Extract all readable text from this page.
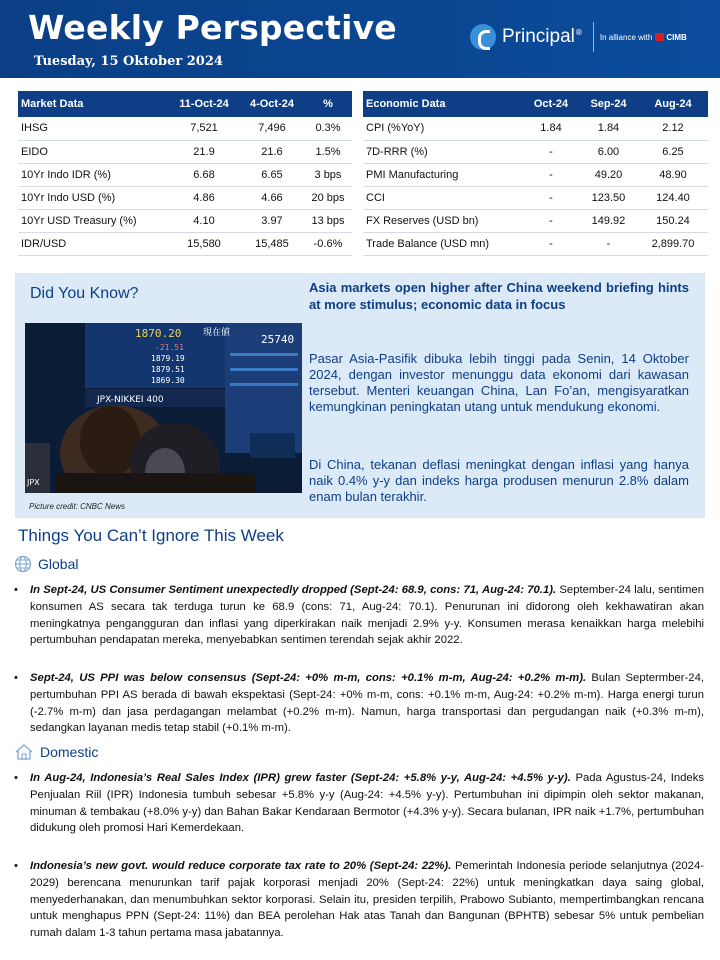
Weekly Perspective
Tuesday, 15 Oktober 2024
Principal ®
In alliance with CIMB
Market Data	11-Oct-24	4-Oct-24	%
IHSG	7,521	7,496	0.3%
EIDO	21.9	21.6	1.5%
10Yr Indo IDR (%)	6.68	6.65	3 bps
10Yr Indo USD (%)	4.86	4.66	20 bps
10Yr USD Treasury (%)	4.10	3.97	13 bps
IDR/USD	15,580	15,485	-0.6%
Economic Data	Oct-24	Sep-24	Aug-24
CPI (%YoY)	1.84	1.84	2.12
7D-RRR (%)	-	6.00	6.25
PMI Manufacturing	-	49.20	48.90
CCI	-	123.50	124.40
FX Reserves (USD bn)	-	149.92	150.24
Trade Balance (USD mn)	-	-	2,899.70
Did You Know?
1870.20 現在値	25740
-21.51
1879.19
1879.51
1869.30
JPX-NIKKEI 400
JPX
Picture credit: CNBC News
Asia markets open higher after China weekend briefing hints at more stimulus; economic data in focus
Pasar Asia-Pasifik dibuka lebih tinggi pada Senin, 14 Oktober 2024, dengan investor menunggu data ekonomi dari kawasan tersebut. Menteri keuangan China, Lan Fo’an, mengisyaratkan kemungkinan peningkatan utang untuk mendukung ekonomi.
Di China, tekanan deflasi meningkat dengan inflasi yang hanya naik 0.4% y-y dan indeks harga produsen menurun 2.8% dalam enam bulan terakhir.
Things You Can’t Ignore This Week
Global
• In Sept-24, US Consumer Sentiment unexpectedly dropped (Sept-24: 68.9, cons: 71, Aug-24: 70.1). September-24 lalu, sentimen konsumen AS secara tak terduga turun ke 68.9 (cons: 71, Aug-24: 70.1). Penurunan ini didorong oleh kekhawatiran akan meningkatnya pengangguran dan inflasi yang diperkirakan naik menjadi 2.9% y-y. Konsumen merasa kenaikkan harga melebihi pertumbuhan pendapatan mereka, menyebabkan sentimen terendah sejak akhir 2022.
• Sept-24, US PPI was below consensus (Sept-24: +0% m-m, cons: +0.1% m-m, Aug-24: +0.2% m-m). Bulan Septermber-24, pertumbuhan PPI AS berada di bawah ekspektasi (Sept-24: +0% m-m, cons: +0.1% m-m, Aug-24: +0.2% m-m). Harga energi turun (-2.7% m-m) dan jasa perdagangan melambat (+0.2% m-m). Namun, harga transportasi dan pergudangan naik (+0.3% m-m), sedangkan layanan medis tetap stabil (+0.1% m-m).
Domestic
• In Aug-24, Indonesia’s Real Sales Index (IPR) grew faster (Sept-24: +5.8% y-y, Aug-24: +4.5% y-y). Pada Agustus-24, Indeks Penjualan Riil (IPR) Indonesia tumbuh sebesar +5.8% y-y (Aug-24: +4.5% y-y). Pertumbuhan ini dipimpin oleh sektor makanan, minuman & tembakau (+8.0% y-y) dan Bahan Bakar Kendaraan Bermotor (+4.3% y-y). Secara bulanan, IPR naik +1.7%, pertumbuhan didukung oleh promosi Hari Kemerdekaan.
• Indonesia’s new govt. would reduce corporate tax rate to 20% (Sept-24: 22%). Pemerintah Indonesia periode selanjutnya (2024-2029) berencana menurunkan tarif pajak korporasi menjadi 20% (Sept-24: 22%) untuk meningkatkan daya saing global, menyederhanakan, dan menumbuhkan sektor korporasi. Selain itu, presiden terpilih, Prabowo Subianto, mempertimbangkan rencana untuk menghapus PPN (Sept-24: 11%) dan BEA perolehan Hak atas Tanah dan Bangunan (BPHTB) sebesar 5% untuk pembelian rumah dalam 1-3 tahun pertama masa jabatannya.
